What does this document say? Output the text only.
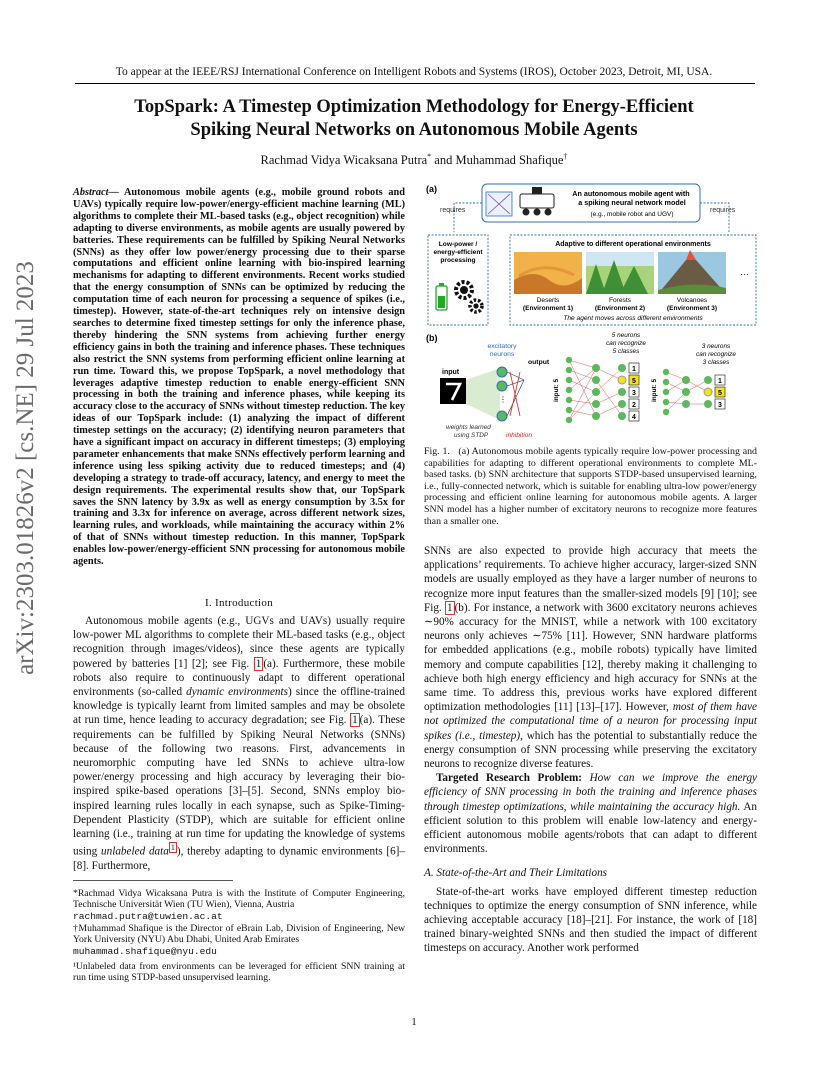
To appear at the IEEE/RSJ International Conference on Intelligent Robots and Systems (IROS), October 2023, Detroit, MI, USA.
TopSpark: A Timestep Optimization Methodology for Energy-Efficient
Spiking Neural Networks on Autonomous Mobile Agents
Rachmad Vidya Wicaksana Putra* and Muhammad Shafique†
arXiv:2303.01826v2 [cs.NE] 29 Jul 2023
Abstract— Autonomous mobile agents (e.g., mobile ground robots and UAVs) typically require low-power/energy-efficient machine learning (ML) algorithms to complete their ML-based tasks (e.g., object recognition) while adapting to diverse environments, as mobile agents are usually powered by batteries. These requirements can be fulfilled by Spiking Neural Networks (SNNs) as they offer low power/energy processing due to their sparse computations and efficient online learning with bio-inspired learning mechanisms for adapting to different environments. Recent works studied that the energy consumption of SNNs can be optimized by reducing the computation time of each neuron for processing a sequence of spikes (i.e., timestep). However, state-of-the-art techniques rely on intensive design searches to determine fixed timestep settings for only the inference phase, thereby hindering the SNN systems from achieving further energy efficiency gains in both the training and inference phases. These techniques also restrict the SNN systems from performing efficient online learning at run time. Toward this, we propose TopSpark, a novel methodology that leverages adaptive timestep reduction to enable energy-efficient SNN processing in both the training and inference phases, while keeping its accuracy close to the accuracy of SNNs without timestep reduction. The key ideas of our TopSpark include: (1) analyzing the impact of different timestep settings on the accuracy; (2) identifying neuron parameters that have a significant impact on accuracy in different timesteps; (3) employing parameter enhancements that make SNNs effectively perform learning and inference using less spiking activity due to reduced timesteps; and (4) developing a strategy to trade-off accuracy, latency, and energy to meet the design requirements. The experimental results show that, our TopSpark saves the SNN latency by 3.9x as well as energy consumption by 3.5x for training and 3.3x for inference on average, across different network sizes, learning rules, and workloads, while maintaining the accuracy within 2% of that of SNNs without timestep reduction. In this manner, TopSpark enables low-power/energy-efficient SNN processing for autonomous mobile agents.
I. Introduction

Autonomous mobile agents (e.g., UGVs and UAVs) usually require low-power ML algorithms to complete their ML-based tasks (e.g., object recognition through images/videos), since these agents are typically powered by batteries [1] [2]; see Fig. 1 (a). Furthermore, these mobile robots also require to continuously adapt to different operational environments (so-called dynamic environments) since the offline-trained knowledge is typically learnt from limited samples and may be obsolete at run time, hence leading to accuracy degradation; see Fig. 1 (a). These requirements can be fulfilled by Spiking Neural Networks (SNNs) because of the following two reasons. First, advancements in neuromorphic computing have led SNNs to achieve ultra-low power/energy processing and high accuracy by leveraging their bio-inspired spike-based operations [3]–[5]. Second, SNNs employ bio-inspired learning rules locally in each synapse, such as Spike-Timing-Dependent Plasticity (STDP), which are suitable for efficient online learning (i.e., training at run time for updating the knowledge of systems using unlabeled data $^1$ ), thereby adapting to dynamic environments [6]–[8]. Furthermore,

*Rachmad Vidya Wicaksana Putra is with the Institute of Computer Engineering, Technische Universität Wien (TU Wien), Vienna, Austria
rachmad.putra@tuwien.ac.at
†Muhammad Shafique is the Director of eBrain Lab, Division of Engineering, New York University (NYU) Abu Dhabi, United Arab Emirates
muhammad.shafique@nyu.edu
¹Unlabeled data from environments can be leveraged for efficient SNN training at run time using STDP-based unsupervised learning.
(a)	An autonomous mobile agent with a spiking neural network model
(e.g., mobile robot and UGV)
requires	requires
Low-power / energy-efficient processing
Adaptive to different operational environments
…
Deserts
(Environment 1)
Forests
(Environment 2)
Volcanoes
(Environment 3)
The agent moves across different environments
(b)
excitatory neurons
output
input
⋮
weights learned using STDP	inhibition
5 neurons can recognize 5 classes
input: 5
1
5
3
2
4
3 neurons can recognize 3 classes
input: 5	1
5
3
Fig. 1. (a) Autonomous mobile agents typically require low-power processing and capabilities for adapting to different operational environments to complete ML-based tasks. (b) SNN architecture that supports STDP-based unsupervised learning, i.e., fully-connected network, which is suitable for enabling ultra-low power/energy processing and efficient online learning for autonomous mobile agents. A larger SNN model has a higher number of excitatory neurons to recognize more features than a smaller one.

SNNs are also expected to provide high accuracy that meets the applications’ requirements. To achieve higher accuracy, larger-sized SNN models are usually employed as they have a larger number of neurons to recognize more input features than the smaller-sized models [9] [10]; see Fig. 1 (b). For instance, a network with 3600 excitatory neurons achieves ∼90% accuracy for the MNIST, while a network with 100 excitatory neurons only achieves ∼75% [11]. However, SNN hardware platforms for embedded applications (e.g., mobile robots) typically have limited memory and compute capabilities [12], thereby making it challenging to achieve both high energy efficiency and high accuracy for SNNs at the same time. To address this, previous works have explored different optimization methodologies [11] [13]–[17]. However, most of them have not optimized the computational time of a neuron for processing input spikes (i.e., timestep), which has the potential to substantially reduce the energy consumption of SNN processing while preserving the excitatory neurons to recognize diverse features.

Targeted Research Problem: How can we improve the energy efficiency of SNN processing in both the training and inference phases through timestep optimizations, while maintaining the accuracy high. An efficient solution to this problem will enable low-latency and energy-efficient autonomous mobile agents/robots that can adapt to different environments.

A. State-of-the-Art and Their Limitations

State-of-the-art works have employed different timestep reduction techniques to optimize the energy consumption of SNN inference, while achieving acceptable accuracy [18]–[21]. For instance, the work of [18] trained binary-weighted SNNs and then studied the impact of different timesteps on accuracy. Another work performed

1
